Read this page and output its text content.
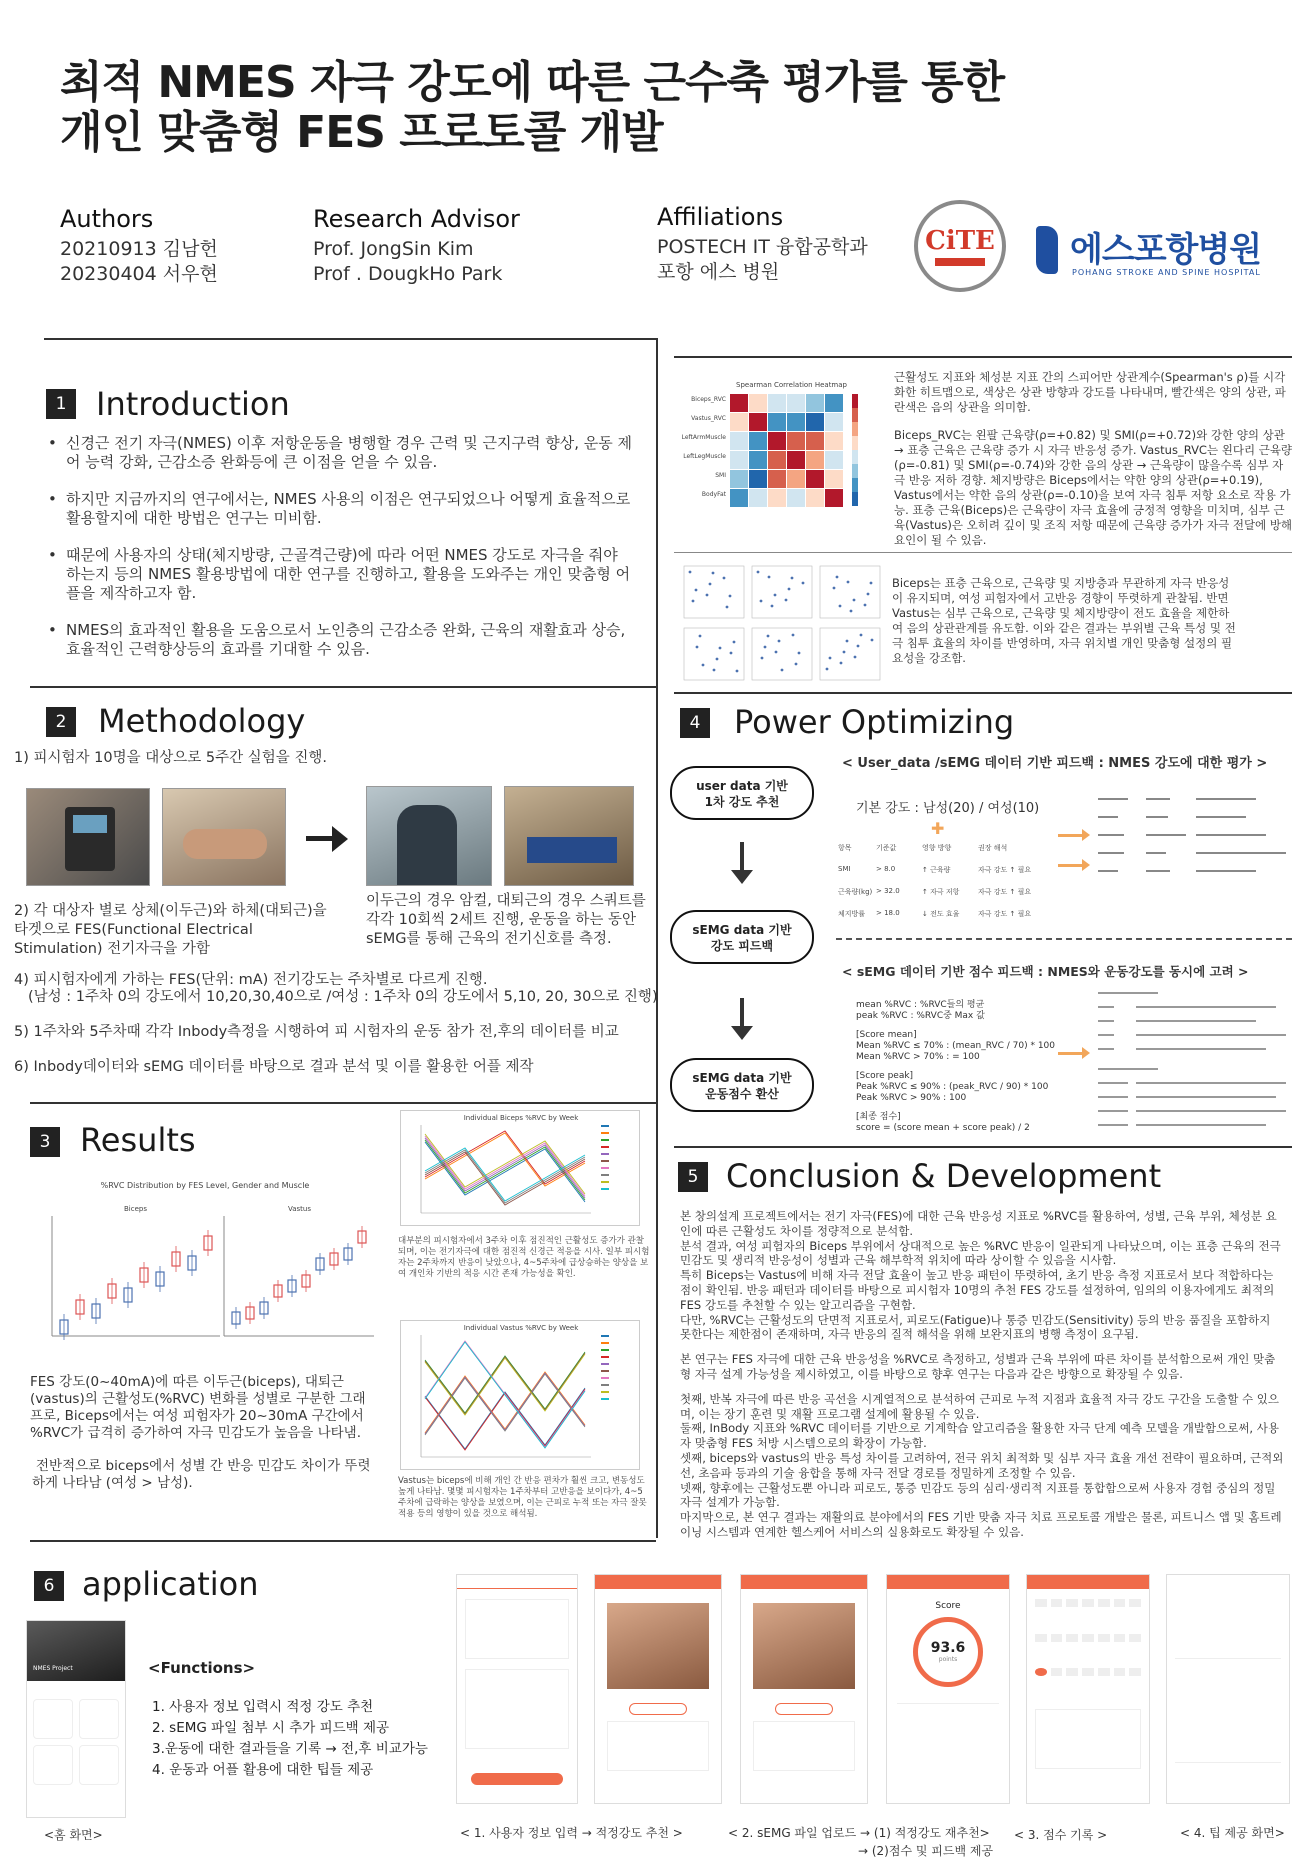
최적 NMES 자극 강도에 따른 근수축 평가를 통한
개인 맞춤형 FES 프로토콜 개발
Authors
20210913 김남헌
20230404 서우현
Research Advisor
Prof. JongSin Kim
Prof . DougkHo Park
Affiliations
POSTECH IT 융합공학과
포항 에스 병원
CiTE 에스포항병원
POHANG STROKE AND SPINE HOSPITAL
1 Introduction
• 신경근 전기 자극(NMES) 이후 저항운동을 병행할 경우 근력 및 근지구력 향상, 운동 제어 능력 강화, 근감소증 완화등에 큰 이점을 얻을 수 있음.
• 하지만 지금까지의 연구에서는, NMES 사용의 이점은 연구되었으나 어떻게 효율적으로 활용할지에 대한 방법은 연구는 미비함.
• 때문에 사용자의 상태(체지방량, 근골격근량)에 따라 어떤 NMES 강도로 자극을 줘야 하는지 등의 NMES 활용방법에 대한 연구를 진행하고, 활용을 도와주는 개인 맞춤형 어플을 제작하고자 함.
• NMES의 효과적인 활용을 도움으로서 노인층의 근감소증 완화, 근육의 재활효과 상승, 효율적인 근력향상등의 효과를 기대할 수 있음.
2 Methodology
1) 피시험자 10명을 대상으로 5주간 실험을 진행.
2) 각 대상자 별로 상체(이두근)와 하체(대퇴근)을 타겟으로 FES(Functional Electrical Stimulation) 전기자극을 가함
이두근의 경우 암컬, 대퇴근의 경우 스쿼트를 각각 10회씩 2세트 진행, 운동을 하는 동안 sEMG를 통해 근육의 전기신호를 측정.
4) 피시험자에게 가하는 FES(단위: mA) 전기강도는 주차별로 다르게 진행.
(남성 : 1주차 0의 강도에서 10,20,30,40으로 /여성 : 1주차 0의 강도에서 5,10, 20, 30으로 진행)
5) 1주차와 5주차때 각각 Inbody측정을 시행하여 피 시험자의 운동 참가 전,후의 데이터를 비교
6) Inbody데이터와 sEMG 데이터를 바탕으로 결과 분석 및 이를 활용한 어플 제작
3 Results
%RVC Distribution by FES Level, Gender and Muscle
Biceps	Vastus
Individual Biceps %RVC by Week
대부분의 피시험자에서 3주차 이후 점진적인 근활성도 증가가 관찰되며, 이는 전기자극에 대한 점진적 신경근 적응을 시사. 일부 피시험자는 2주차까지 반응이 낮았으나, 4~5주차에 급상승하는 양상을 보여 개인차 기반의 적응 시간 존재 가능성을 확인.
Individual Vastus %RVC by Week
Vastus는 biceps에 비해 개인 간 반응 편차가 훨씬 크고, 변동성도 높게 나타남. 몇몇 피시험자는 1주차부터 고반응을 보이다가, 4~5주차에 급락하는 양상을 보였으며, 이는 근피로 누적 또는 자극 잘못 적용 등의 영향이 있을 것으로 해석됨.
FES 강도(0~40mA)에 따른 이두근(biceps), 대퇴근(vastus)의 근활성도(%RVC) 변화를 성별로 구분한 그래프로, Biceps에서는 여성 피험자가 20~30mA 구간에서 %RVC가 급격히 증가하여 자극 민감도가 높음을 나타냄.
전반적으로 biceps에서 성별 간 반응 민감도 차이가 뚜렷하게 나타남 (여성 > 남성).
Spearman Correlation Heatmap
Biceps_RVC
Vastus_RVC
LeftArmMuscle
LeftLegMuscle
SMI
BodyFat
근활성도 지표와 체성분 지표 간의 스피어만 상관계수(Spearman's ρ)를 시각화한 히트맵으로, 색상은 상관 방향과 강도를 나타내며, 빨간색은 양의 상관, 파란색은 음의 상관을 의미함.
Biceps_RVC는 왼팔 근육량(ρ=+0.82) 및 SMI(ρ=+0.72)와 강한 양의 상관 → 표층 근육은 근육량 증가 시 자극 반응성 증가. Vastus_RVC는 왼다리 근육량(ρ=-0.81) 및 SMI(ρ=-0.74)와 강한 음의 상관 → 근육량이 많을수록 심부 자극 반응 저하 경향. 체지방량은 Biceps에서는 약한 양의 상관(ρ=+0.19), Vastus에서는 약한 음의 상관(ρ=-0.10)을 보여 자극 침투 저항 요소로 작용 가능. 표층 근육(Biceps)은 근육량이 자극 효율에 긍정적 영향을 미치며, 심부 근육(Vastus)은 오히려 깊이 및 조직 저항 때문에 근육량 증가가 자극 전달에 방해 요인이 될 수 있음.
Biceps는 표층 근육으로, 근육량 및 지방층과 무관하게 자극 반응성이 유지되며, 여성 피험자에서 고반응 경향이 뚜렷하게 관찰됨. 반면 Vastus는 심부 근육으로, 근육량 및 체지방량이 전도 효율을 제한하여 음의 상관관계를 유도함. 이와 같은 결과는 부위별 근육 특성 및 전극 침투 효율의 차이를 반영하며, 자극 위치별 개인 맞춤형 설정의 필요성을 강조함.
4 Power Optimizing
< User_data /sEMG 데이터 기반 피드백 : NMES 강도에 대한 평가 >
user data 기반
1차 강도 추천
sEMG data 기반
강도 피드백
sEMG data 기반
운동점수 환산
기본 강도 : 남성(20) / 여성(10)
✚
항목	기준값	영향 방향	권장 해석
SMI	> 8.0	↑ 근육량	자극 강도 ↑ 필요
근육량(kg) > 32.0	↑ 자극 저항	자극 강도 ↑ 필요
체지방률	> 18.0	↓ 전도 효율	자극 강도 ↑ 필요
< sEMG 데이터 기반 점수 피드백 : NMES와 운동강도를 동시에 고려 >
mean %RVC : %RVC들의 평균
peak %RVC : %RVC중 Max 값
[Score mean]
Mean %RVC ≤ 70% : (mean_RVC / 70) * 100
Mean %RVC > 70% : = 100
[Score peak]
Peak %RVC ≤ 90% : (peak_RVC / 90) * 100
Peak %RVC > 90% : 100
[최종 점수]
score = (score mean + score peak) / 2
5 Conclusion & Development
본 창의설계 프로젝트에서는 전기 자극(FES)에 대한 근육 반응성 지표로 %RVC를 활용하여, 성별, 근육 부위, 체성분 요인에 따른 근활성도 차이를 정량적으로 분석함.
분석 결과, 여성 피험자의 Biceps 부위에서 상대적으로 높은 %RVC 반응이 일관되게 나타났으며, 이는 표층 근육의 전극 민감도 및 생리적 반응성이 성별과 근육 해부학적 위치에 따라 상이할 수 있음을 시사함.
특히 Biceps는 Vastus에 비해 자극 전달 효율이 높고 반응 패턴이 뚜렷하여, 초기 반응 측정 지표로서 보다 적합하다는 점이 확인됨. 반응 패턴과 데이터를 바탕으로 피시험자 10명의 추천 FES 강도를 설정하여, 임의의 이용자에게도 최적의 FES 강도를 추천할 수 있는 알고리즘을 구현함.
다만, %RVC는 근활성도의 단면적 지표로서, 피로도(Fatigue)나 통증 민감도(Sensitivity) 등의 반응 품질을 포함하지 못한다는 제한점이 존재하며, 자극 반응의 질적 해석을 위해 보완지표의 병행 측정이 요구됨.
본 연구는 FES 자극에 대한 근육 반응성을 %RVC로 측정하고, 성별과 근육 부위에 따른 차이를 분석함으로써 개인 맞춤형 자극 설계 가능성을 제시하였고, 이를 바탕으로 향후 연구는 다음과 같은 방향으로 확장될 수 있음.
첫째, 반복 자극에 따른 반응 곡선을 시계열적으로 분석하여 근피로 누적 지점과 효율적 자극 강도 구간을 도출할 수 있으며, 이는 장기 훈련 및 재활 프로그램 설계에 활용될 수 있음.
둘째, InBody 지표와 %RVC 데이터를 기반으로 기계학습 알고리즘을 활용한 자극 단계 예측 모델을 개발함으로써, 사용자 맞춤형 FES 처방 시스템으로의 확장이 가능함.
셋째, biceps와 vastus의 반응 특성 차이를 고려하여, 전극 위치 최적화 및 심부 자극 효율 개선 전략이 필요하며, 근적외선, 초음파 등과의 기술 융합을 통해 자극 전달 경로를 정밀하게 조정할 수 있음.
넷째, 향후에는 근활성도뿐 아니라 피로도, 통증 민감도 등의 심리·생리적 지표를 통합함으로써 사용자 경험 중심의 정밀 자극 설계가 가능함.
마지막으로, 본 연구 결과는 재활의료 분야에서의 FES 기반 맞춤 자극 치료 프로토콜 개발은 물론, 피트니스 앱 및 홈트레이닝 시스템과 연계한 헬스케어 서비스의 실용화로도 확장될 수 있음.
6 application
NMES Project
<홈 화면>
<Functions>
1. 사용자 정보 입력시 적정 강도 추천
2. sEMG 파일 첨부 시 추가 피드백 제공
3.운동에 대한 결과들을 기록 → 전,후 비교가능
4. 운동과 어플 활용에 대한 팁들 제공
Score
93.6
points
< 1. 사용자 정보 입력 → 적정강도 추천 >	< 2. sEMG 파일 업로드 → (1) 적정강도 재추천>
→ (2)점수 및 피드백 제공
< 3. 점수 기록 >	< 4. 팁 제공 화면>
